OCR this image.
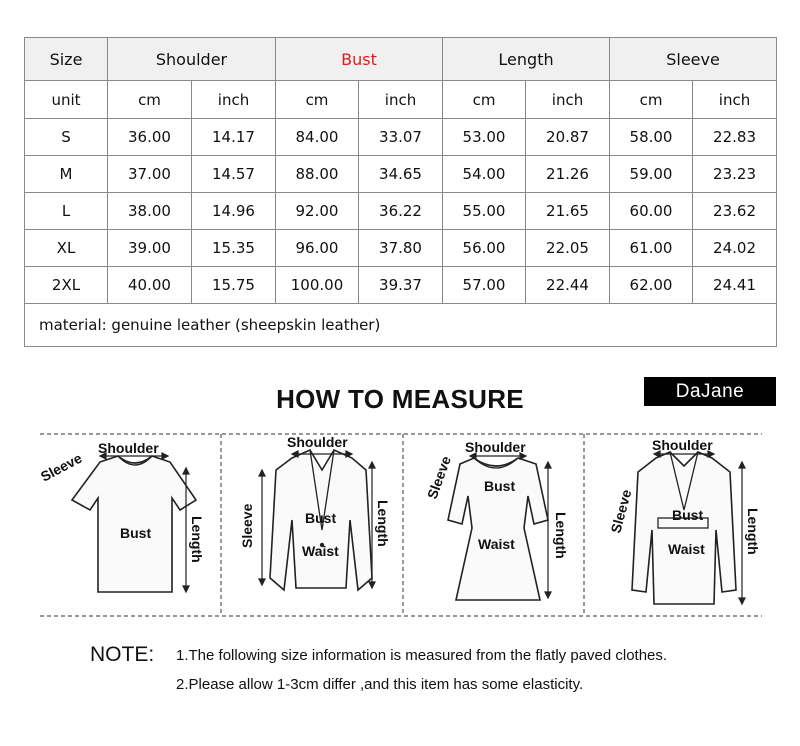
Size	Shoulder		Bust		Length		Sleeve	
unit	cm	inch	cm	inch	cm	inch	cm	inch
S	36.00	14.17	84.00	33.07	53.00	20.87	58.00	22.83
M	37.00	14.57	88.00	34.65	54.00	21.26	59.00	23.23
L	38.00	14.96	92.00	36.22	55.00	21.65	60.00	23.62
XL	39.00	15.35	96.00	37.80	56.00	22.05	61.00	24.02
2XL	40.00	15.75	100.00	39.37	57.00	22.44	62.00	24.41
material: genuine leather (sheepskin leather)								
HOW TO MEASURE	DaJane
Shoulder
Sleeve
Bust	Length
Shoulder
Sleeve	Bust
Waist
Length
Shoulder
Sleeve Bust
Waist	Length
Shoulder
Sleeve	Bust
Waist	Length
NOTE: 1.The following size information is measured from the flatly paved clothes.
2.Please allow 1-3cm differ ,and this item has some elasticity.
